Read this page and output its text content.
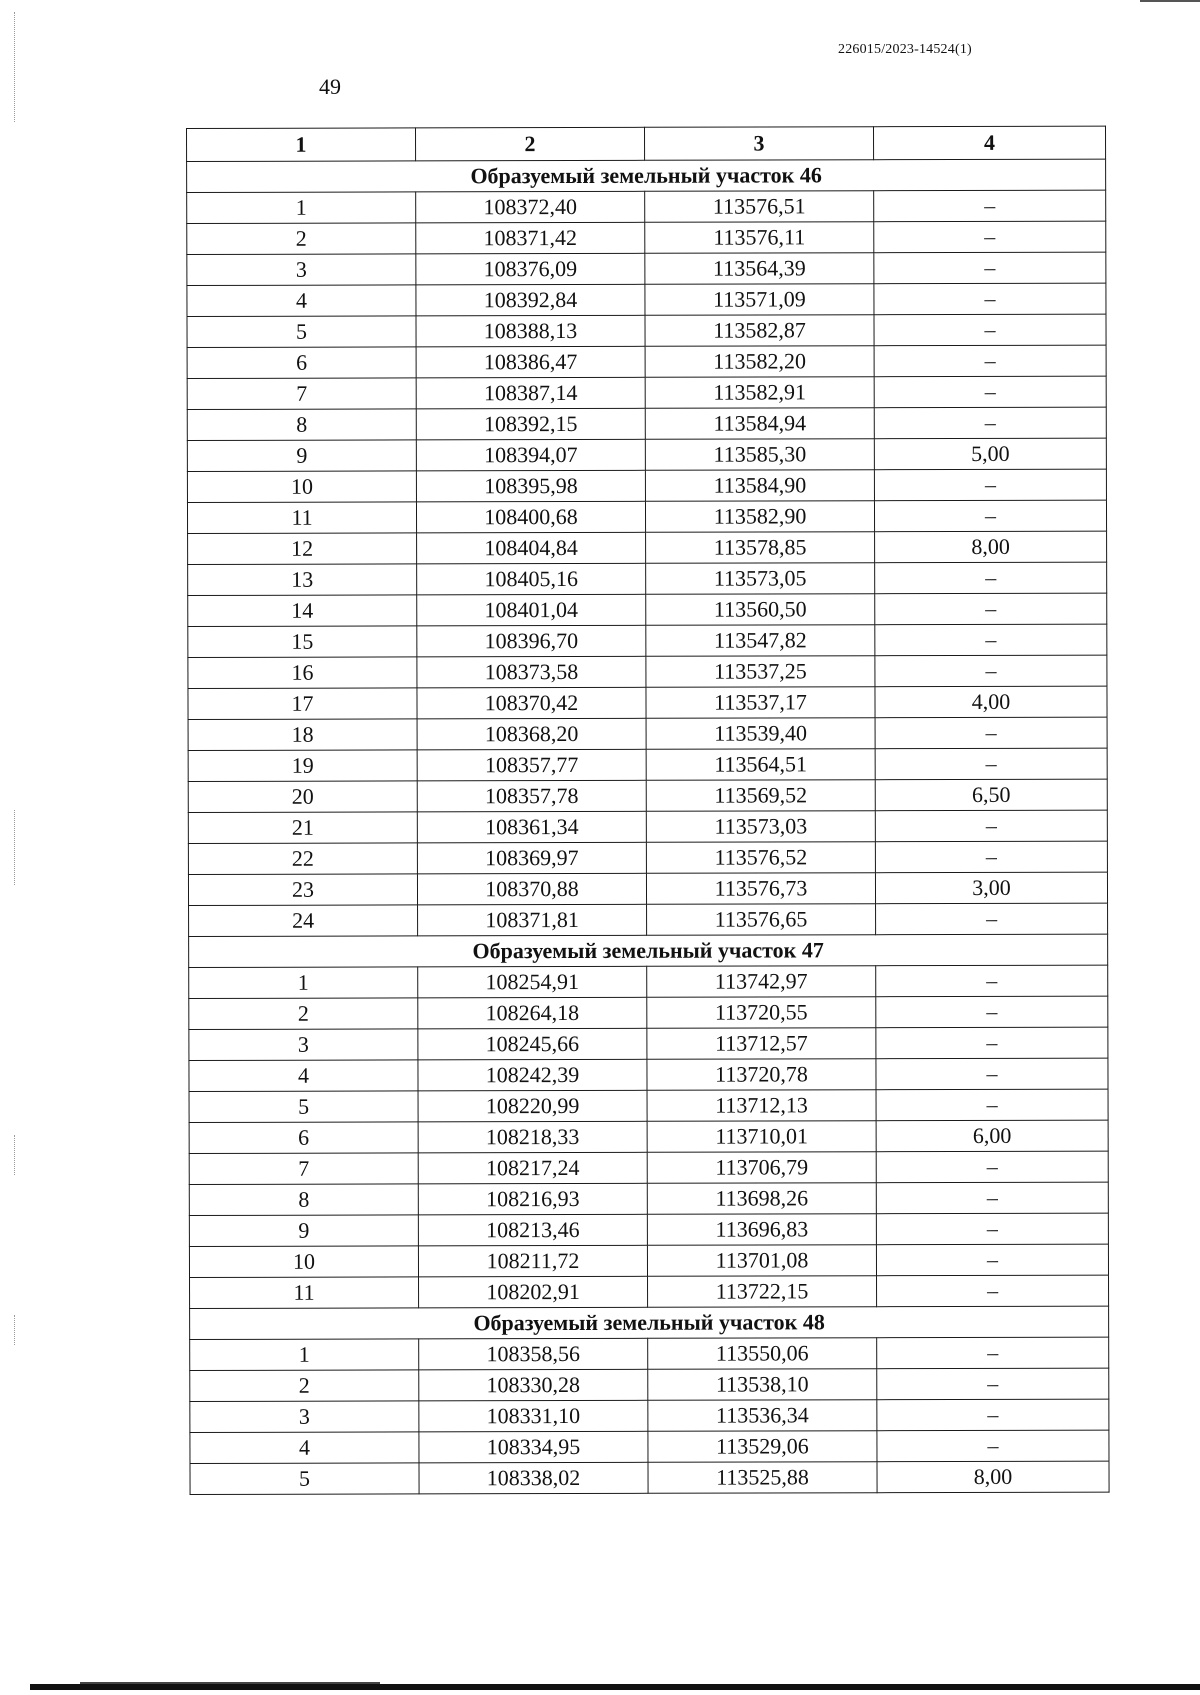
226015/2023-14524(1)
49
1	2	3	4
Образуемый земельный участок 46			
1	108372,40	113576,51	–
2	108371,42	113576,11	–
3	108376,09	113564,39	–
4	108392,84	113571,09	–
5	108388,13	113582,87	–
6	108386,47	113582,20	–
7	108387,14	113582,91	–
8	108392,15	113584,94	–
9	108394,07	113585,30	5,00
10	108395,98	113584,90	–
11	108400,68	113582,90	–
12	108404,84	113578,85	8,00
13	108405,16	113573,05	–
14	108401,04	113560,50	–
15	108396,70	113547,82	–
16	108373,58	113537,25	–
17	108370,42	113537,17	4,00
18	108368,20	113539,40	–
19	108357,77	113564,51	–
20	108357,78	113569,52	6,50
21	108361,34	113573,03	–
22	108369,97	113576,52	–
23	108370,88	113576,73	3,00
24	108371,81	113576,65	–
Образуемый земельный участок 47			
1	108254,91	113742,97	–
2	108264,18	113720,55	–
3	108245,66	113712,57	–
4	108242,39	113720,78	–
5	108220,99	113712,13	–
6	108218,33	113710,01	6,00
7	108217,24	113706,79	–
8	108216,93	113698,26	–
9	108213,46	113696,83	–
10	108211,72	113701,08	–
11	108202,91	113722,15	–
Образуемый земельный участок 48			
1	108358,56	113550,06	–
2	108330,28	113538,10	–
3	108331,10	113536,34	–
4	108334,95	113529,06	–
5	108338,02	113525,88	8,00
